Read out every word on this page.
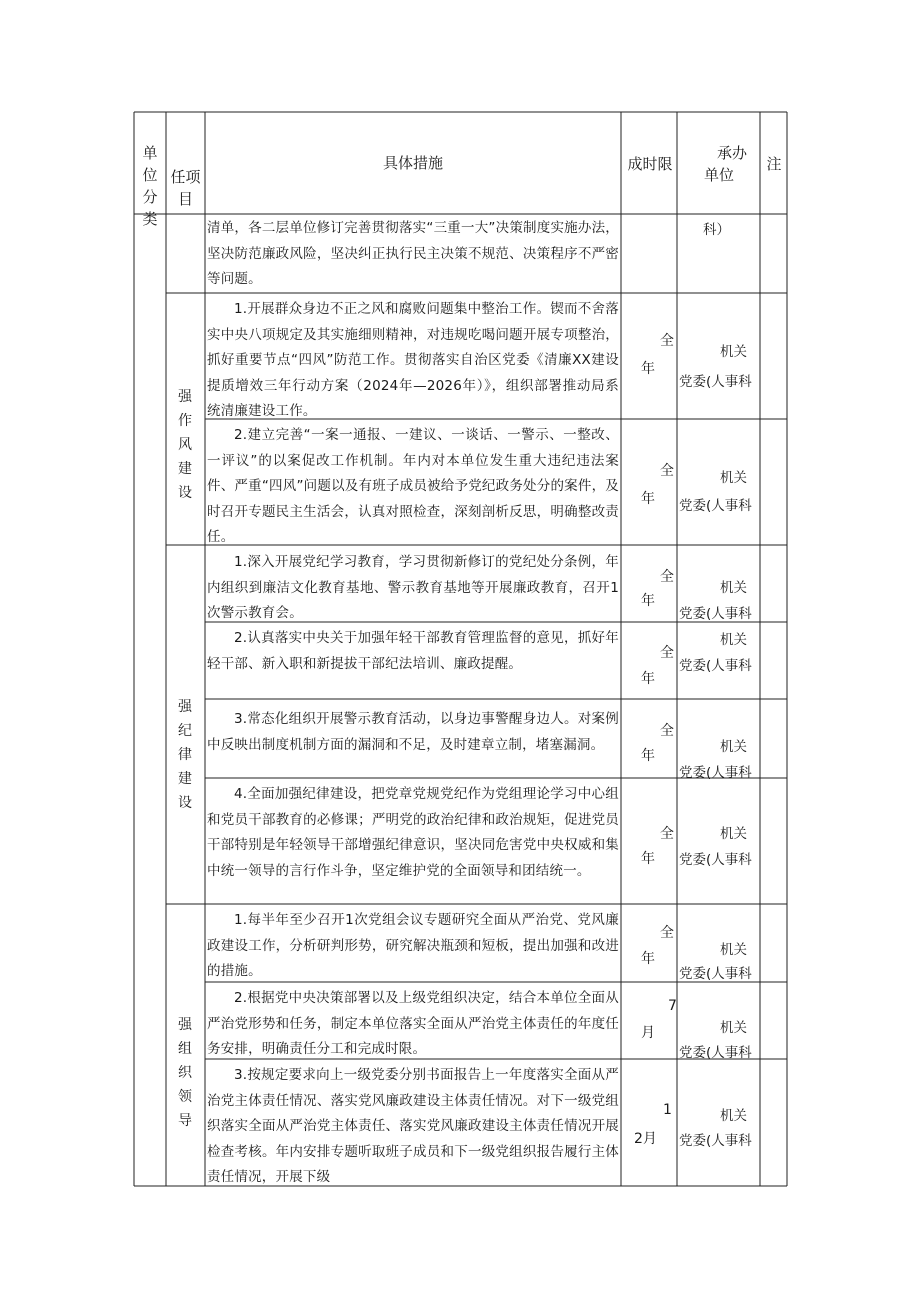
单位分类
任项目
具体措施	成时限
承办
单位
注
清单，各二层单位修订完善贯彻落实“三重一大”决策制度实施办法，坚决防范廉政风险，坚决纠正执行民主决策不规范、决策程序不严密等问题。
科）
强作风建设
1.开展群众身边不正之风和腐败问题集中整治工作。锲而不舍落实中央八项规定及其实施细则精神，对违规吃喝问题开展专项整治，抓好重要节点“四风”防范工作。贯彻落实自治区党委《清廉XX建设提质增效三年行动方案（2024年—2026年）》，组织部署推动局系统清廉建设工作。
全
年
机关
党委(人事科
2.建立完善“一案一通报、一建议、一谈话、一警示、一整改、一评议”的以案促改工作机制。年内对本单位发生重大违纪违法案件、严重“四风”问题以及有班子成员被给予党纪政务处分的案件，及时召开专题民主生活会，认真对照检查，深刻剖析反思，明确整改责任。
全
年
机关
党委(人事科
强纪律建设
1.深入开展党纪学习教育，学习贯彻新修订的党纪处分条例，年内组织到廉洁文化教育基地、警示教育基地等开展廉政教育，召开1次警示教育会。
全
年
机关
党委(人事科
2.认真落实中央关于加强年轻干部教育管理监督的意见，抓好年轻干部、新入职和新提拔干部纪法培训、廉政提醒。
全
年
机关
党委(人事科
3.常态化组织开展警示教育活动，以身边事警醒身边人。对案例中反映出制度机制方面的漏洞和不足，及时建章立制，堵塞漏洞。
全
年
机关
党委(人事科
4.全面加强纪律建设，把党章党规党纪作为党组理论学习中心组和党员干部教育的必修课；严明党的政治纪律和政治规矩，促进党员干部特别是年轻领导干部增强纪律意识，坚决同危害党中央权威和集中统一领导的言行作斗争，坚定维护党的全面领导和团结统一。
全
年
机关
党委(人事科
强组织领导
1.每半年至少召开1次党组会议专题研究全面从严治党、党风廉政建设工作，分析研判形势，研究解决瓶颈和短板，提出加强和改进的措施。
全
年
机关
党委(人事科
2.根据党中央决策部署以及上级党组织决定，结合本单位全面从严治党形势和任务，制定本单位落实全面从严治党主体责任的年度任务安排，明确责任分工和完成时限。
7
月	机关
党委(人事科
3.按规定要求向上一级党委分别书面报告上一年度落实全面从严治党主体责任情况、落实党风廉政建设主体责任情况。对下一级党组织落实全面从严治党主体责任、落实党风廉政建设主体责任情况开展检查考核。年内安排专题听取班子成员和下一级党组织报告履行主体责任情况，开展下级
1
2月
机关
党委(人事科
